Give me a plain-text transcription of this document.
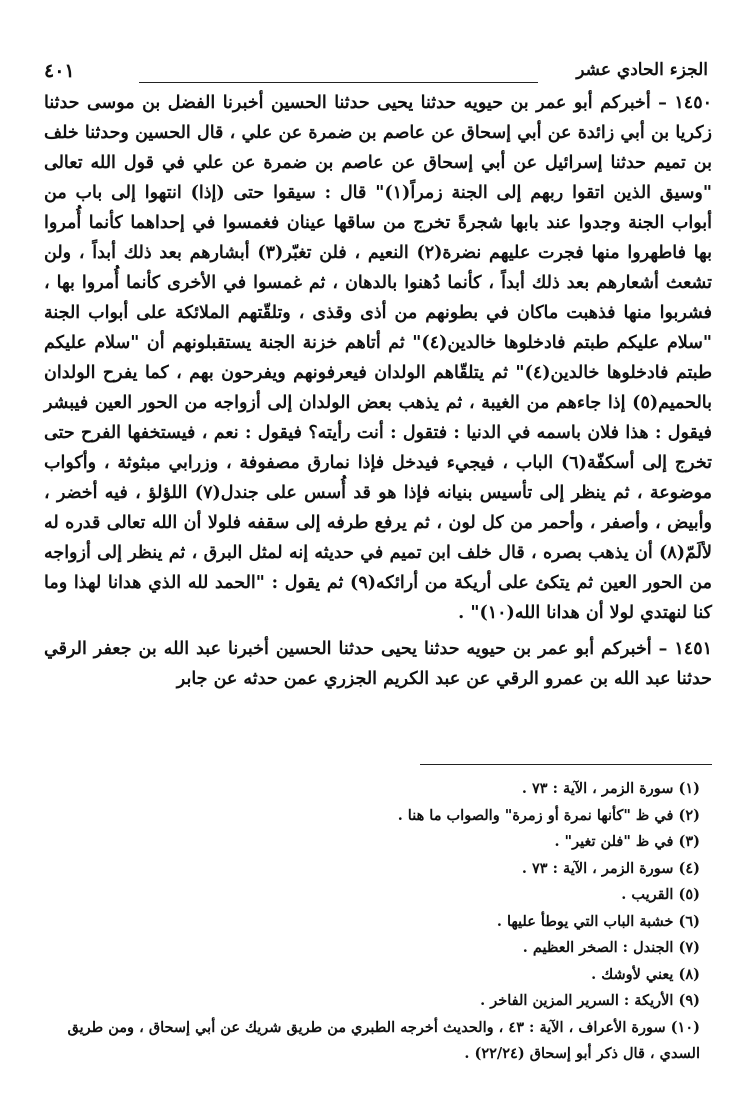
الجزء الحادي عشر
٤٠١

١٤٥٠ – أخبركم أبو عمر بن حيويه حدثنا يحيى حدثنا الحسين أخبرنا الفضل بن موسى حدثنا زكريا بن أبي زائدة عن أبي إسحاق عن عاصم بن ضمرة عن علي ، قال الحسين وحدثنا خلف بن تميم حدثنا إسرائيل عن أبي إسحاق عن عاصم بن ضمرة عن علي في قول الله تعالى "وسيق الذين اتقوا ربهم إلى الجنة زمراً(١)" قال : سيقوا حتى (إذا) انتهوا إلى باب من أبواب الجنة وجدوا عند بابها شجرةً تخرج من ساقها عينان فغمسوا في إحداهما كأنما أُمروا بها فاطهروا منها فجرت عليهم نضرة(٢) النعيم ، فلن تغبّر(٣) أبشارهم بعد ذلك أبداً ، ولن تشعث أشعارهم بعد ذلك أبداً ، كأنما دُهنوا بالدهان ، ثم غمسوا في الأخرى كأنما أُمروا بها ، فشربوا منها فذهبت ماكان في بطونهم من أذى وقذى ، وتلقّتهم الملائكة على أبواب الجنة "سلام عليكم طبتم فادخلوها خالدين(٤)" ثم أتاهم خزنة الجنة يستقبلونهم أن "سلام عليكم طبتم فادخلوها خالدين(٤)" ثم يتلقّاهم الولدان فيعرفونهم ويفرحون بهم ، كما يفرح الولدان بالحميم(٥) إذا جاءهم من الغيبة ، ثم يذهب بعض الولدان إلى أزواجه من الحور العين فيبشر فيقول : هذا فلان باسمه في الدنيا : فتقول : أنت رأيته؟ فيقول : نعم ، فيستخفها الفرح حتى تخرج إلى أسكفّة(٦) الباب ، فيجيء فيدخل فإذا نمارق مصفوفة ، وزرابي مبثوثة ، وأكواب موضوعة ، ثم ينظر إلى تأسيس بنيانه فإذا هو قد أُسس على جندل(٧) اللؤلؤ ، فيه أخضر ، وأبيض ، وأصفر ، وأحمر من كل لون ، ثم يرفع طرفه إلى سقفه فلولا أن الله تعالى قدره له لألَمّ(٨) أن يذهب بصره ، قال خلف ابن تميم في حديثه إنه لمثل البرق ، ثم ينظر إلى أزواجه من الحور العين ثم يتكئ على أريكة من أرائكه(٩) ثم يقول : "الحمد لله الذي هدانا لهذا وما كنا لنهتدي لولا أن هدانا الله(١٠)" .

١٤٥١ – أخبركم أبو عمر بن حيويه حدثنا يحيى حدثنا الحسين أخبرنا عبد الله بن جعفر الرقي حدثنا عبد الله بن عمرو الرقي عن عبد الكريم الجزري عمن حدثه عن جابر

(١) سورة الزمر ، الآية : ٧٣ .
(٢) في ظ "كأنها نمرة أو زمرة" والصواب ما هنا .
(٣) في ظ "فلن تغير" .
(٤) سورة الزمر ، الآية : ٧٣ .
(٥) القريب .
(٦) خشبة الباب التي يوطأ عليها .
(٧) الجندل : الصخر العظيم .
(٨) يعني لأوشك .
(٩) الأريكة : السرير المزين الفاخر .
(١٠) سورة الأعراف ، الآية : ٤٣ ، والحديث أخرجه الطبري من طريق شريك عن أبي إسحاق ، ومن طريق السدي ، قال ذكر أبو إسحاق (٢٢/٢٤) .
